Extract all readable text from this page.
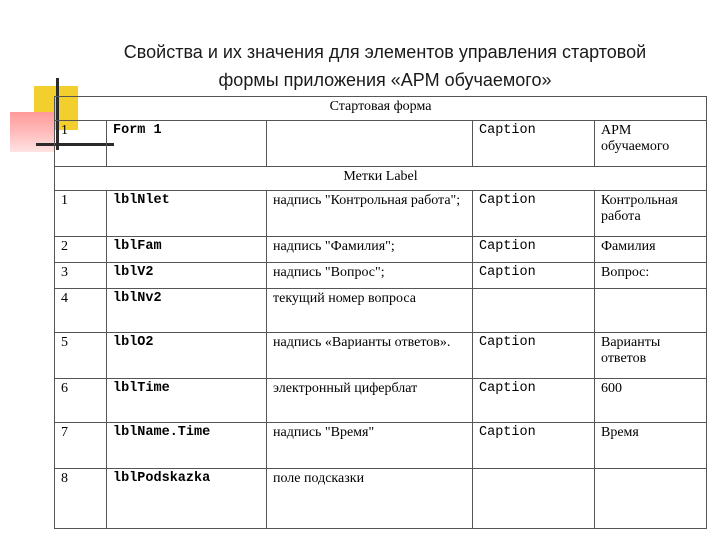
Свойства и их значения для элементов управления стартовой
формы приложения «АРМ обучаемого»
Стартовая форма				
1	Form 1		Caption	АРМ
обучаемого

Метки Label				
1	lblNlet	надпись "Контрольная работа";	Caption	Контрольная работа
2	lblFam	надпись "Фамилия";	Caption	Фамилия
3	lblV2	надпись "Вопрос";	Caption	Вопрос:
4	lblNv2	текущий номер вопроса		
5	lblO2	надпись «Варианты ответов».	Caption	Варианты ответов
6	lblTime	электронный циферблат	Caption	600
7	lblName.Time	надпись "Время"	Caption	Время
8	lblPodskazka	поле подсказки		
